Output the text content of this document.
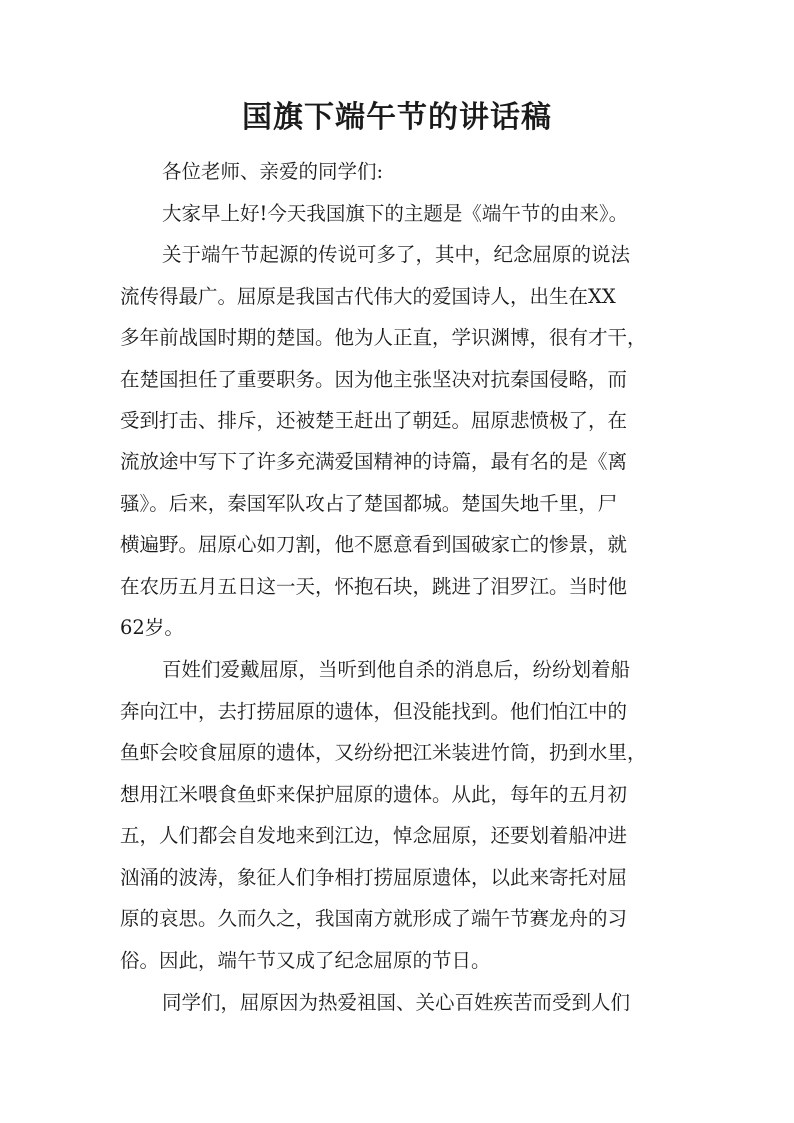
国旗下端午节的讲话稿

各位老师、亲爱的同学们:

大家早上好!今天我国旗下的主题是《端午节的由来》。

关于端午节起源的传说可多了，其中，纪念屈原的说法

流传得最广。屈原是我国古代伟大的爱国诗人，出生在XX

多年前战国时期的楚国。他为人正直，学识渊博，很有才干，

在楚国担任了重要职务。因为他主张坚决对抗秦国侵略，而

受到打击、排斥，还被楚王赶出了朝廷。屈原悲愤极了，在

流放途中写下了许多充满爱国精神的诗篇，最有名的是《离

骚》。后来，秦国军队攻占了楚国都城。楚国失地千里，尸

横遍野。屈原心如刀割，他不愿意看到国破家亡的惨景，就

在农历五月五日这一天，怀抱石块，跳进了泪罗江。当时他

62岁。

百姓们爱戴屈原，当听到他自杀的消息后，纷纷划着船

奔向江中，去打捞屈原的遗体，但没能找到。他们怕江中的

鱼虾会咬食屈原的遗体，又纷纷把江米装进竹筒，扔到水里，

想用江米喂食鱼虾来保护屈原的遗体。从此，每年的五月初

五，人们都会自发地来到江边，悼念屈原，还要划着船冲进

汹涌的波涛，象征人们争相打捞屈原遗体，以此来寄托对屈

原的哀思。久而久之，我国南方就形成了端午节赛龙舟的习

俗。因此，端午节又成了纪念屈原的节日。

同学们，屈原因为热爱祖国、关心百姓疾苦而受到人们
